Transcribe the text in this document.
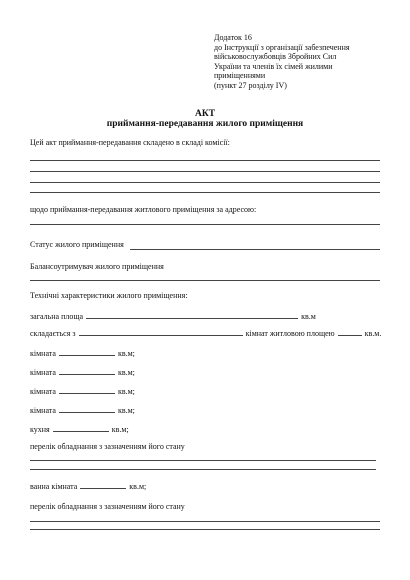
Додаток 16
до Інструкції з організації забезпечення
військовослужбовців Збройних Сил
України та членів їх сімей жилими
приміщеннями
(пункт 27 розділу IV)
АКТ
приймання-передавання жилого приміщення
Цей акт приймання-передавання складено в складі комісії:
щодо приймання-передавання житлового приміщення за адресою:
Статус жилого приміщення
Балансоутримувач жилого приміщення
Технічні характеристики жилого приміщення:
загальна площа	кв.м
складається з	кімнат житловою площею	кв.м.
кімната	кв.м;
кімната	кв.м;
кімната	кв.м;
кімната	кв.м;
кухня	кв.м;
перелік обладнання з зазначенням його стану
ванна кімната	кв.м;
перелік обладнання з зазначенням його стану
